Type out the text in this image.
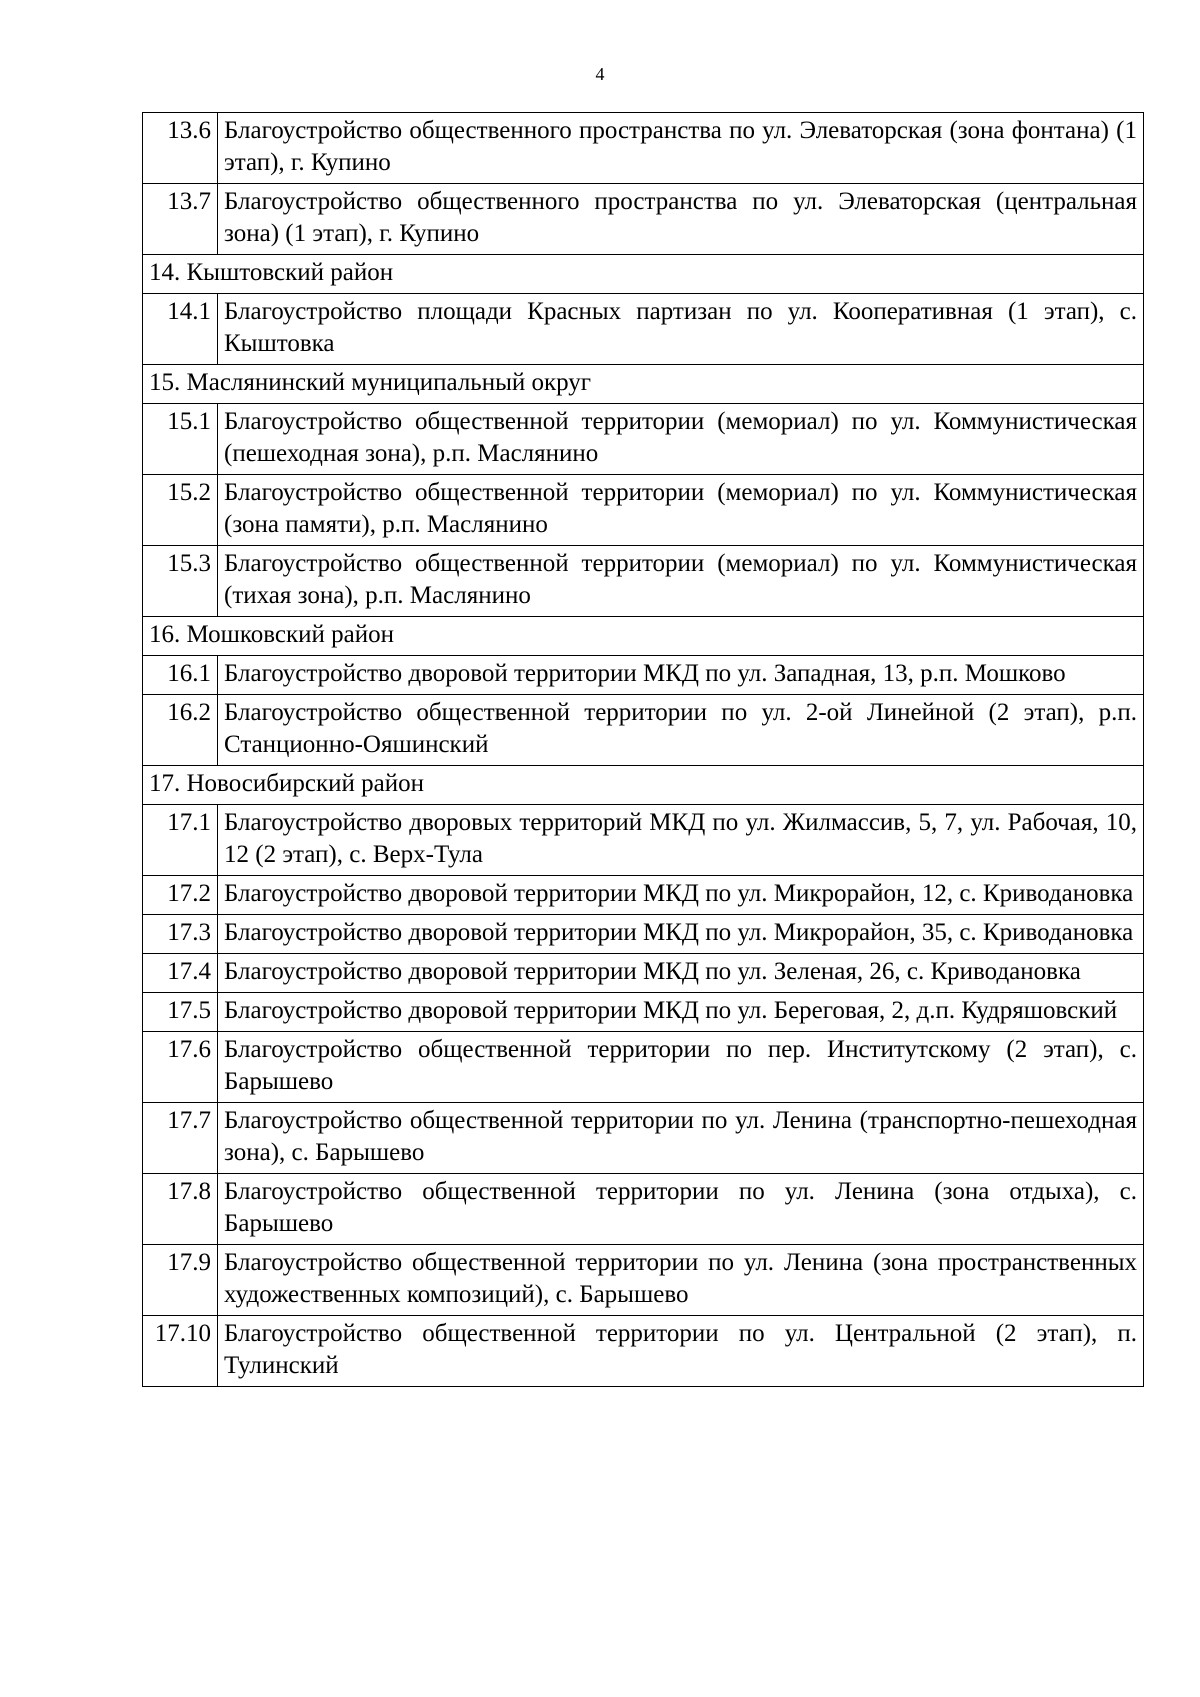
4
13.6	Благоустройство общественного пространства по ул. Элеваторская (зона фонтана) (1 этап), г. Купино
13.7	Благоустройство общественного пространства по ул. Элеваторская (центральная зона) (1 этап), г. Купино
14. Кыштовский район	
14.1	Благоустройство площади Красных партизан по ул. Кооперативная (1 этап), с. Кыштовка
15. Маслянинский муниципальный округ	
15.1	Благоустройство общественной территории (мемориал) по ул. Коммунистическая (пешеходная зона), р.п. Маслянино
15.2	Благоустройство общественной территории (мемориал) по ул. Коммунистическая (зона памяти), р.п. Маслянино
15.3	Благоустройство общественной территории (мемориал) по ул. Коммунистическая (тихая зона), р.п. Маслянино
16. Мошковский район	
16.1	Благоустройство дворовой территории МКД по ул. Западная, 13, р.п. Мошково
16.2	Благоустройство общественной территории по ул. 2-ой Линейной (2 этап), р.п. Станционно-Ояшинский
17. Новосибирский район	
17.1	Благоустройство дворовых территорий МКД по ул. Жилмассив, 5, 7, ул. Рабочая, 10, 12 (2 этап), с. Верх-Тула
17.2	Благоустройство дворовой территории МКД по ул. Микрорайон, 12, с. Криводановка
17.3	Благоустройство дворовой территории МКД по ул. Микрорайон, 35, с. Криводановка
17.4	Благоустройство дворовой территории МКД по ул. Зеленая, 26, с. Криводановка
17.5	Благоустройство дворовой территории МКД по ул. Береговая, 2, д.п. Кудряшовский
17.6	Благоустройство общественной территории по пер. Институтскому (2 этап), с. Барышево
17.7	Благоустройство общественной территории по ул. Ленина (транспортно-пешеходная зона), с. Барышево
17.8	Благоустройство общественной территории по ул. Ленина (зона отдыха), с. Барышево
17.9	Благоустройство общественной территории по ул. Ленина (зона пространственных художественных композиций), с. Барышево
17.10	Благоустройство общественной территории по ул. Центральной (2 этап), п. Тулинский
